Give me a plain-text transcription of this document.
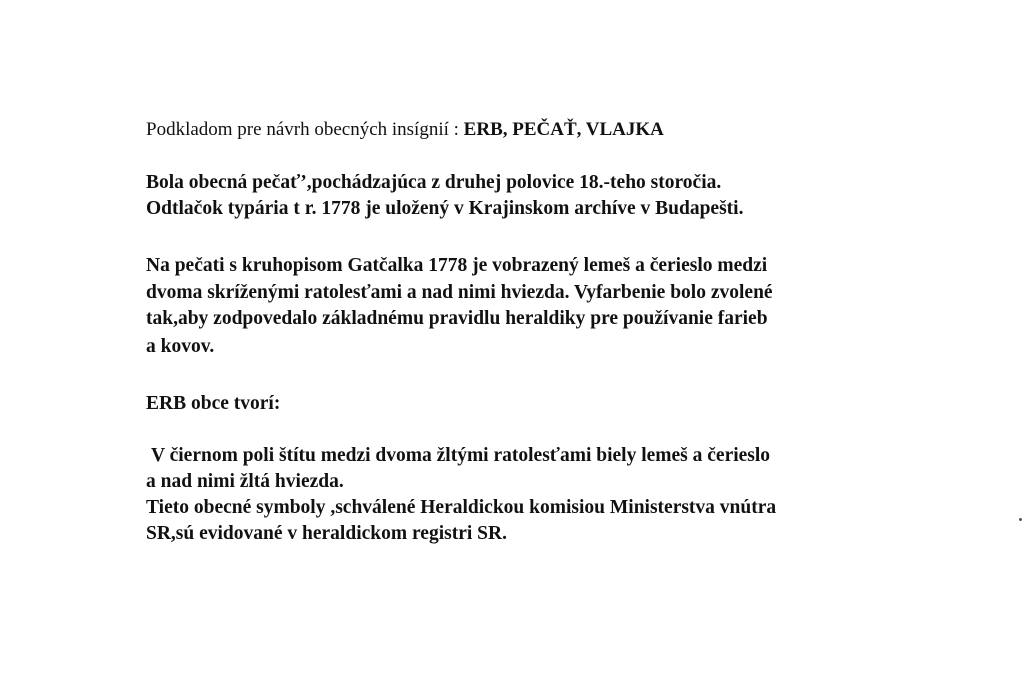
Podkladom pre návrh obecných insígnií : ERB, PEČAŤ, VLAJKA
Bola obecná pečať’,pochádzajúca z druhej polovice 18.-teho storočia.
Odtlačok typária t r. 1778 je uložený v Krajinskom archíve v Budapešti.
Na pečati s kruhopisom Gatčalka 1778 je vobrazený lemeš a čerieslo medzi
dvoma skríženými ratolesťami a nad nimi hviezda. Vyfarbenie bolo zvolené
tak,aby zodpovedalo základnému pravidlu heraldiky pre používanie farieb
a kovov.
ERB obce tvorí:
V čiernom poli štítu medzi dvoma žltými ratolesťami biely lemeš a čerieslo
a nad nimi žltá hviezda.
Tieto obecné symboly ,schválené Heraldickou komisiou Ministerstva vnútra
SR,sú evidované v heraldickom registri SR.
